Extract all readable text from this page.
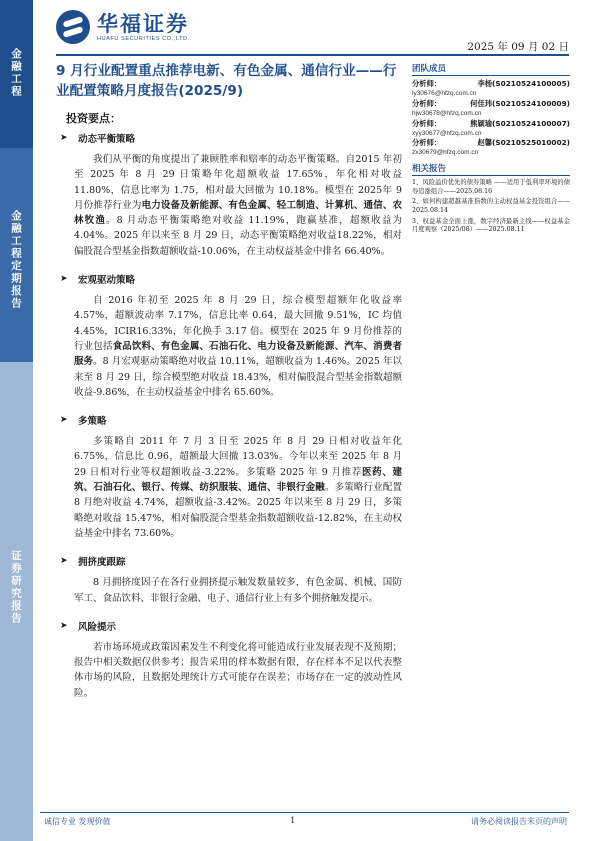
金融工程
金融工程定期报告
证券研究报告
华福证券
HUAFU SECURITIES CO.,LTD.
2025 年 09 月 02 日
9 月行业配置重点推荐电新、有色金属、通信行业——行业配置策略月度报告(2025/9)
投资要点：
➤ 动态平衡策略

我们从平衡的角度提出了兼顾胜率和赔率的动态平衡策略。自2015 年初至 2025 年 8 月 29 日策略年化超额收益 17.65%，年化相对收益 11.80%，信息比率为 1.75，相对最大回撤为 10.18%。模型在 2025年 9 月份推荐行业为电力设备及新能源、有色金属、轻工制造、计算机、通信、农林牧渔。8 月动态平衡策略绝对收益 11.19%，跑赢基准，超额收益为 4.04%。2025 年以来至 8 月 29 日，动态平衡策略绝对收益18.22%，相对偏股混合型基金指数超额收益-10.06%，在主动权益基金中排名 66.40%。

➤ 宏观驱动策略

自 2016 年初至 2025 年 8 月 29 日，综合模型超额年化收益率 4.57%，超额波动率 7.17%，信息比率 0.64，最大回撤 9.51%，IC 均值 4.45%，ICIR16.33%，年化换手 3.17 倍。模型在 2025 年 9 月份推荐的行业包括食品饮料、有色金属、石油石化、电力设备及新能源、汽车、消费者服务。8 月宏观驱动策略绝对收益 10.11%，超额收益为 1.46%。2025 年以来至 8 月 29 日，综合模型绝对收益 18.43%，相对偏股混合型基金指数超额收益-9.86%，在主动权益基金中排名 65.60%。

➤ 多策略

多策略自 2011 年 7 月 3 日至 2025 年 8 月 29 日相对收益年化 6.75%，信息比 0.96，超额最大回撤 13.03%。今年以来至 2025 年 8 月 29 日相对行业等权超额收益-3.22%。多策略 2025 年 9 月推荐医药、建筑、石油石化、银行、传媒、纺织服装、通信、非银行金融。多策略行业配置 8 月绝对收益 4.74%，超额收益-3.42%。2025 年以来至 8 月 29 日，多策略绝对收益 15.47%，相对偏股混合型基金指数超额收益-12.82%，在主动权益基金中排名 73.60%。

➤ 拥挤度跟踪

8 月拥挤度因子在各行业拥挤提示触发数量较多，有色金属、机械、国防军工、食品饮料、非银行金融、电子、通信行业上有多个拥挤触发提示。

➤ 风险提示

若市场环境或政策因素发生不利变化将可能造成行业发展表现不及预期；报告中相关数据仅供参考；报告采用的样本数据有限，存在样本不足以代表整体市场的风险，且数据处理统计方式可能存在误差；市场存在一定的波动性风险。

团队成员
分析师：	李杨(S0210524100005)
ly30676@hfzq.com.cn
分析师：	何佳玮(S0210524100009)
hjw30678@hfzq.com.cn
分析师：	熊颖瑜(S0210524100007)
xyy30677@hfzq.com.cn
分析师：	赵馨(S0210525010002)
zx30679@hfzq.com.cn
相关报告
1、风险溢价优先的债券策略 ——适用于低利率环境的债券追涨组合——2025.08.16
2、如何构建超越基准指数的主动权益基金投资组合——2025.08.14
3、权益基金全面上涨，数字经济最新主线——权益基金月度观察（2025/08）——2025.08.11
诚信专业 发现价值	1	请务必阅读报告末页的声明
